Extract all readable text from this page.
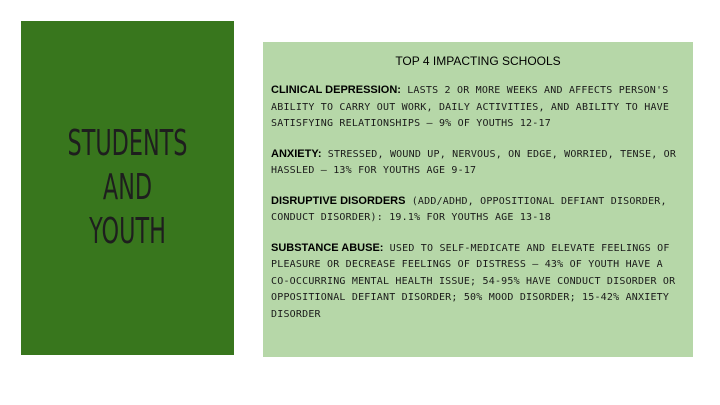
STUDENTS AND
YOUTH
TOP 4 IMPACTING SCHOOLS
CLINICAL DEPRESSION: LASTS 2 OR MORE WEEKS AND AFFECTS PERSON'S ABILITY TO CARRY OUT WORK, DAILY ACTIVITIES, AND ABILITY TO HAVE SATISFYING RELATIONSHIPS – 9% OF YOUTHS 12-17
ANXIETY: STRESSED, WOUND UP, NERVOUS, ON EDGE, WORRIED, TENSE, OR HASSLED – 13% FOR YOUTHS AGE 9-17
DISRUPTIVE DISORDERS (ADD/ADHD, OPPOSITIONAL DEFIANT DISORDER, CONDUCT DISORDER): 19.1% FOR YOUTHS AGE 13-18
SUBSTANCE ABUSE: USED TO SELF-MEDICATE AND ELEVATE FEELINGS OF PLEASURE OR DECREASE FEELINGS OF DISTRESS – 43% OF YOUTH HAVE A CO-OCCURRING MENTAL HEALTH ISSUE; 54-95% HAVE CONDUCT DISORDER OR OPPOSITIONAL DEFIANT DISORDER; 50% MOOD DISORDER; 15-42% ANXIETY DISORDER
